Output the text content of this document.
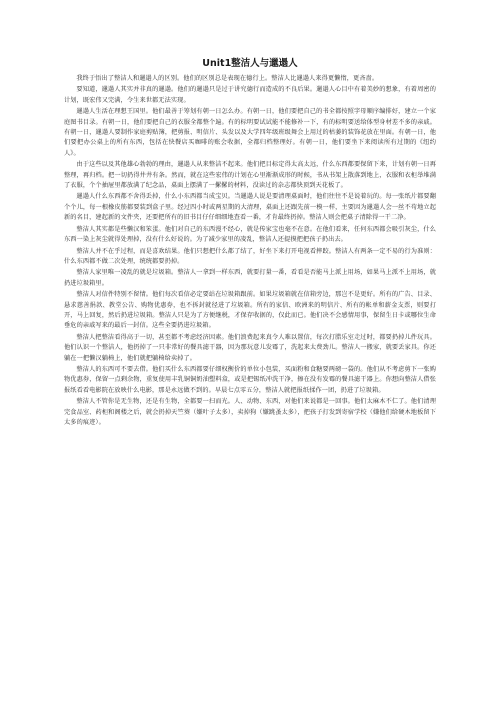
Unit1整洁人与邋遢人
我终于悟出了整洁人和邋遢人的区别。他们的区别总是表现在德行上。整洁人比邋遢人来得更懒惰，更吝啬。
要知道，邋遢人其实并非真的邋遢。他们的邋遢只是过于讲究德行而造成的不良后果。邋遢人心目中有着美妙的想象，有着周密的计划，既宏伟又完满，令生来世都无法实现。
邋遢人生活在理想王国里。他们最善于筹划有朝一日怎么办。有朝一日，他们要把自己的书全都按照字母顺序编排好，建立一个家庭图书目录。有朝一日，他们要把自己的衣服全都整个遍。有的标明要试试能不能修补一下，有的标明要送给体型身材差不多的亲戚。有朝一日，邋遢人要制作家庭剪贴簿，把剪报、明信片、头发以及大学四年级班级舞会上用过的枯萎的装饰花放在里面。有朝一日，他们要把办公桌上的所有东西，包括在快餐店买咖啡的账会收据，全都归档整理好。有朝一日，他们要坐下来阅读所有过期的《纽约人》。
由于这些以及其他雄心勃勃的理由，邋遢人从来整洁不起来。他们把目标定得太高太远，什么东西都要保留下来，计划有朝一日再整理，再归档。把一切扔得井井有条。然而，就在这些宏伟的计划在心里渐渐成形的时候，书从书架上散落到地上，衣服和衣柜举堆满了衣服，个个抽屉里都放满了纪念品，桌面上摆满了一摞摞的材料，没读过的杂志都快顶到天花板了。
邋遢人什么东西都不舍得丢掉，什么小东西都当成宝贝。当邋遢人说是要清理桌面时，他们往往不是说着玩的。每一张纸片都要翻个个儿，每一根橡皮筋都要装到盒子里。经过四小时或两星期的大清理，桌面上还跟先前一模一样，主要因为邋遢人会一丝不苟地立起新的名目，建起新的文件夹，还要把所有的旧书目仔仔细细地查看一番，才肯最终扔掉。整洁人则会把桌子清除得一干二净。
整洁人其实都是些懒汉和笨蛋。他们对自己的东西漫不经心，就是传家宝也毫不在意。在他们看来，任何东西都会吸引灰尘，什么东西一染上灰尘就得处理掉，没有什么好说的。为了减少家里的凌乱，整洁人还提摸把把孩子扔出去。
整洁人并不在乎过程，而是喜欢结果。他们只想把什么都了结了，好坐下来打开电视看摔跤。整洁人有两条一定不易的行为准则：什么东西都不做二次处理，统统都要扔掉。
整洁人家里唯一凌乱的就是垃圾箱。整洁人一拿到一样东西，就要打量一番，看看是否能马上派上用场，如果马上派不上用场，就扔进垃圾箱里。
整洁人对信件特别不留情。他们每次看信必定要站在垃圾箱跟前。如果垃圾箱就在信箱旁边，那岂不是更好。所有的广告、目录、悬求慈善捐款、教堂公告、购物优惠券，也不拆封就径进了垃圾箱。所有的家信、欧洲来的明信片、所有的帐单和薪金支票，则要打开，马上回复，然后扔进垃圾箱。整洁人只是为了方便继税，才保存收据的，仅此而已。他们决不会感情用事，保留生日卡或哪位生命垂危的亲戚写来的最后一封信。这些全要扔进垃圾箱。
整洁人把整洁看得高于一切，甚至都不考虑经济因素。他们浪费起来真令人难以置信，每次打腊乐室走过时，都要扔掉儿件玩具。他们认识一个整洁人，他扔掉了一只非常好的餐具滤干器，因为那玩意儿发霉了，洗起来太费劲儿。整洁人一搬家，就要丢家具。你还躺在一把懒汉躺椅上，他们就把躺椅给卖掉了。
整洁人的东西可不要去借。他们买什么东西都要仔细权衡价的单位小包装，买面粉和食糖要两磅一袋的。他们从不考虑剪下一张购物优惠券，保留一点剩余物，重复使用丰乳铜铜奶油塑料盒，或是把锡纸冲洗干净，擦在没有发霉的餐具滤干器上。你想向整洁人借张报纸看看电影院在放映什么电影，那是永远做不到的。早晨七点零五分，整洁人就把报纸揉作一团，扔进了垃圾箱。
整洁人不管你是无生物，还是有生物，全都要一扫而光。人、动物、东西，对他们来说都是一回事。他们太麻木不仁了。他们清理完食品室、药柜和阁楼之后，就会扔掉天竺葵（嫌叶子太多），卖掉狗（嫌跳蚤太多），把孩子打发到寄宿学校（嫌他们给硬木地板留下太多的痕迹）。
